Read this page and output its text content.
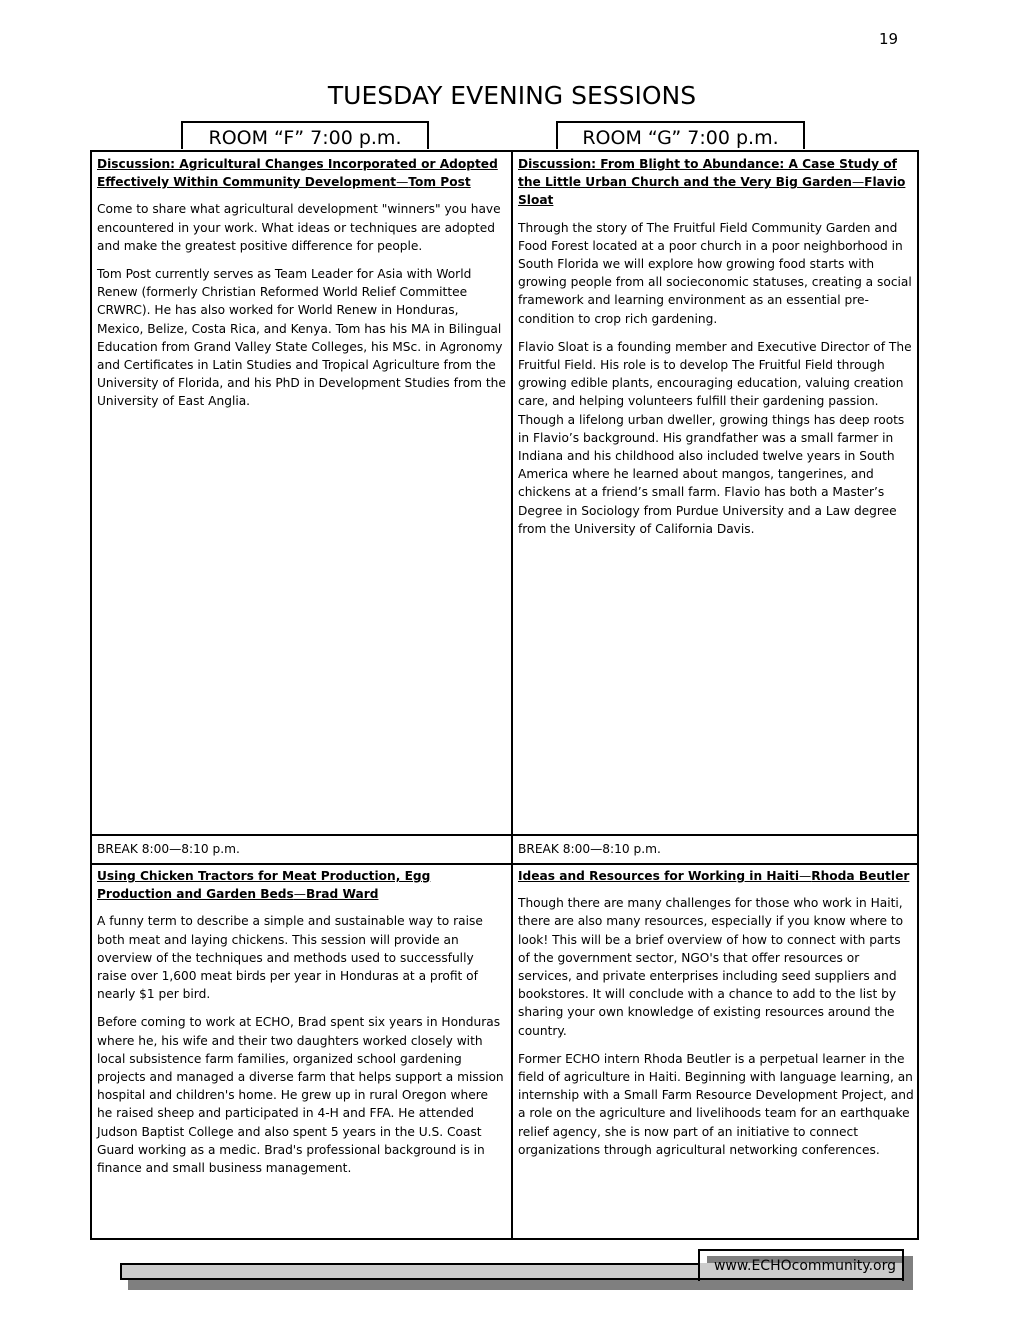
19
TUESDAY EVENING SESSIONS
ROOM “F” 7:00 p.m.	ROOM “G” 7:00 p.m.
Discussion: Agricultural Changes Incorporated or Adopted Effectively Within Community Development—Tom Post

Come to share what agricultural development "winners" you have encountered in your work. What ideas or techniques are adopted and make the greatest positive difference for people.

Tom Post currently serves as Team Leader for Asia with World Renew (formerly Christian Reformed World Relief Committee CRWRC). He has also worked for World Renew in Honduras, Mexico, Belize, Costa Rica, and Kenya. Tom has his MA in Bilingual Education from Grand Valley State Colleges, his MSc. in Agronomy and Certificates in Latin Studies and Tropical Agriculture from the University of Florida, and his PhD in Development Studies from the University of East Anglia.

Discussion: From Blight to Abundance: A Case Study of the Little Urban Church and the Very Big Garden—Flavio Sloat

Through the story of The Fruitful Field Community Garden and Food Forest located at a poor church in a poor neighborhood in South Florida we will explore how growing food starts with growing people from all socieconomic statuses, creating a social framework and learning environment as an essential pre-condition to crop rich gardening.

Flavio Sloat is a founding member and Executive Director of The Fruitful Field. His role is to develop The Fruitful Field through growing edible plants, encouraging education, valuing creation care, and helping volunteers fulfill their gardening passion. Though a lifelong urban dweller, growing things has deep roots in Flavio’s background. His grandfather was a small farmer in Indiana and his childhood also included twelve years in South America where he learned about mangos, tangerines, and chickens at a friend’s small farm. Flavio has both a Master’s Degree in Sociology from Purdue University and a Law degree from the University of California Davis.

BREAK 8:00—8:10 p.m.	BREAK 8:00—8:10 p.m.
Using Chicken Tractors for Meat Production, Egg Production and Garden Beds—Brad Ward

A funny term to describe a simple and sustainable way to raise both meat and laying chickens. This session will provide an overview of the techniques and methods used to successfully raise over 1,600 meat birds per year in Honduras at a profit of nearly $1 per bird.

Before coming to work at ECHO, Brad spent six years in Honduras where he, his wife and their two daughters worked closely with local subsistence farm families, organized school gardening projects and managed a diverse farm that helps support a mission hospital and children's home. He grew up in rural Oregon where he raised sheep and participated in 4-H and FFA. He attended Judson Baptist College and also spent 5 years in the U.S. Coast Guard working as a medic. Brad's professional background is in finance and small business management.

Ideas and Resources for Working in Haiti—Rhoda Beutler

Though there are many challenges for those who work in Haiti, there are also many resources, especially if you know where to look! This will be a brief overview of how to connect with parts of the government sector, NGO's that offer resources or services, and private enterprises including seed suppliers and bookstores. It will conclude with a chance to add to the list by sharing your own knowledge of existing resources around the country.

Former ECHO intern Rhoda Beutler is a perpetual learner in the field of agriculture in Haiti. Beginning with language learning, an internship with a Small Farm Resource Development Project, and a role on the agriculture and livelihoods team for an earthquake relief agency, she is now part of an initiative to connect organizations through agricultural networking conferences.

www.ECHOcommunity.org
